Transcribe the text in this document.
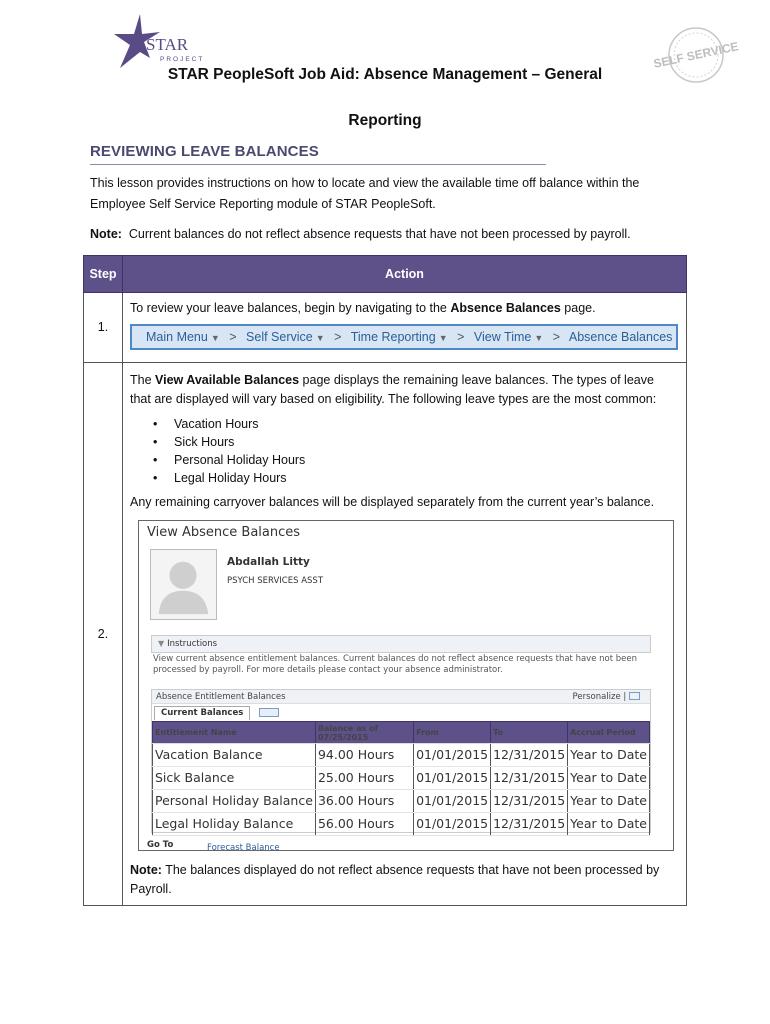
STAR
PROJECT	SELF SERVICE
STAR PeopleSoft Job Aid: Absence Management – General
Reporting
REVIEWING LEAVE BALANCES

This lesson provides instructions on how to locate and view the available time off balance within the Employee Self Service Reporting module of STAR PeopleSoft.

Note: Current balances do not reflect absence requests that have not been processed by payroll.

Step	Action
1.	
To review your leave balances, begin by navigating to the Absence Balances page.
Main Menu ▼ > Self Service ▼ > Time Reporting ▼ > View Time ▼ > Absence Balances

2.	
The View Available Balances page displays the remaining leave balances. The types of leave that are displayed will vary based on eligibility. The following leave types are the most common:
• Vacation Hours
• Sick Hours
• Personal Holiday Hours
• Legal Holiday Hours
Any remaining carryover balances will be displayed separately from the current year’s balance.
View Absence Balances
Abdallah Litty
PSYCH SERVICES ASST
▼ Instructions
View current absence entitlement balances. Current balances do not reflect absence requests that have not been processed by payroll. For more details please contact your absence administrator.
Absence Entitlement Balances	Personalize |
Current Balances
Entitlement Name	Balance as of 07/25/2015	From	To	Accrual Period
Vacation Balance	94.00 Hours	01/01/2015	12/31/2015	Year to Date
Sick Balance	25.00 Hours	01/01/2015	12/31/2015	Year to Date
Personal Holiday Balance	36.00 Hours	01/01/2015	12/31/2015	Year to Date
Legal Holiday Balance	56.00 Hours	01/01/2015	12/31/2015	Year to Date
Go To	Forecast Balance
Note: The balances displayed do not reflect absence requests that have not been processed by Payroll.
